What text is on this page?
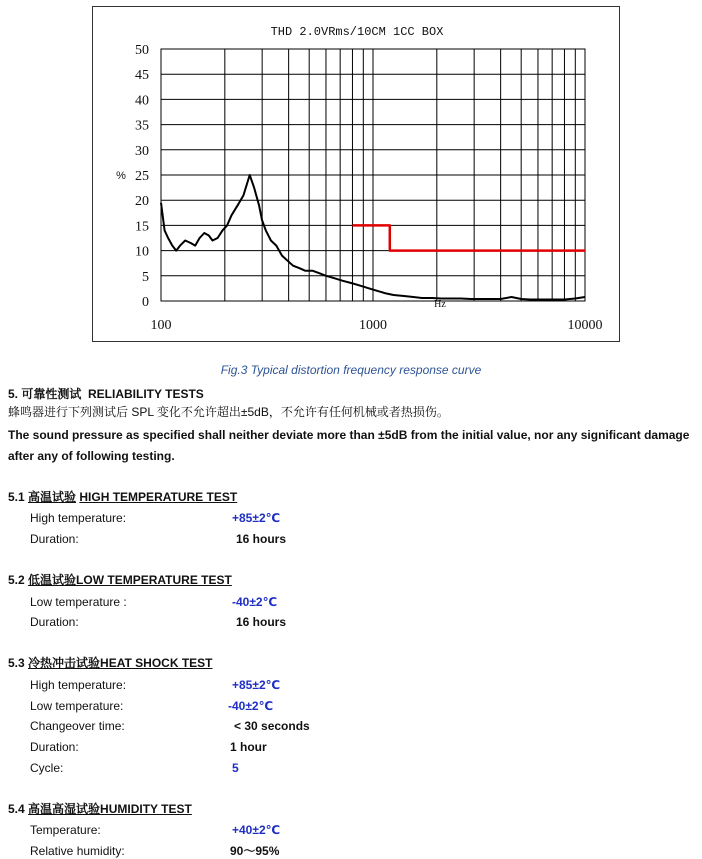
0
5
10
15
20
25
30
35
40
45
50
100	1000	10000
%
Hz
THD 2.0VRms/10CM 1CC BOX
Fig.3 Typical distortion frequency response curve
5. 可靠性测试 RELIABILITY TESTS
蜂鸣器进行下列测试后 SPL 变化不允许超出±5dB，不允许有任何机械或者热损伤。
The sound pressure as specified shall neither deviate more than ±5dB from the initial value, nor any significant damage
after any of following testing.
5.1 高温试验 HIGH TEMPERATURE TEST
High temperature:	+85±2℃
Duration:	16 hours
5.2 低温试验LOW TEMPERATURE TEST
Low temperature :	-40±2℃
Duration:	16 hours
5.3 冷热冲击试验HEAT SHOCK TEST
High temperature:	+85±2℃
Low temperature:	-40±2℃
Changeover time:	< 30 seconds
Duration:	1 hour
Cycle:	5
5.4 高温高湿试验HUMIDITY TEST
Temperature:	+40±2℃
Relative humidity:	90～95%
